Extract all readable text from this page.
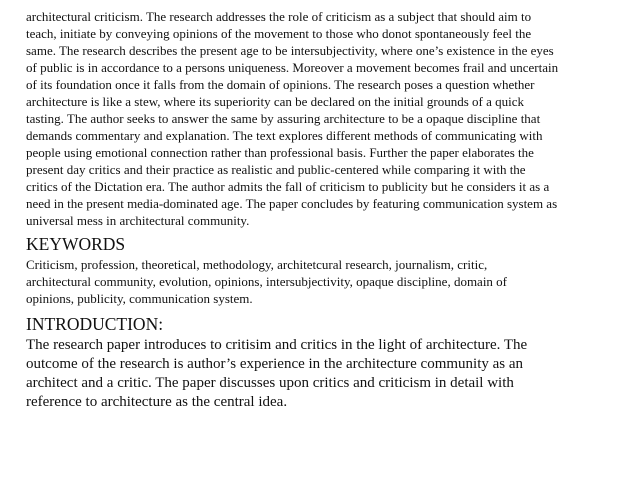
architectural criticism. The research addresses the role of criticism as a subject that should aim to
teach, initiate by conveying opinions of the movement to those who donot spontaneously feel the
same. The research describes the present age to be intersubjectivity, where one’s existence in the eyes
of public is in accordance to a persons uniqueness. Moreover a movement becomes frail and uncertain
of its foundation once it falls from the domain of opinions. The research poses a question whether
architecture is like a stew, where its superiority can be declared on the initial grounds of a quick
tasting. The author seeks to answer the same by assuring architecture to be a opaque discipline that
demands commentary and explanation. The text explores different methods of communicating with
people using emotional connection rather than professional basis. Further the paper elaborates the
present day critics and their practice as realistic and public-centered while comparing it with the
critics of the Dictation era. The author admits the fall of criticism to publicity but he considers it as a
need in the present media-dominated age. The paper concludes by featuring communication system as
universal mess in architectural community.

KEYWORDS

Criticism, profession, theoretical, methodology, architetcural research, journalism, critic,
architectural community, evolution, opinions, intersubjectivity, opaque discipline, domain of
opinions, publicity, communication system.

INTRODUCTION:

The research paper introduces to critisim and critics in the light of architecture. The
outcome of the research is author’s experience in the architecture community as an
architect and a critic. The paper discusses upon critics and criticism in detail with
reference to architecture as the central idea.
